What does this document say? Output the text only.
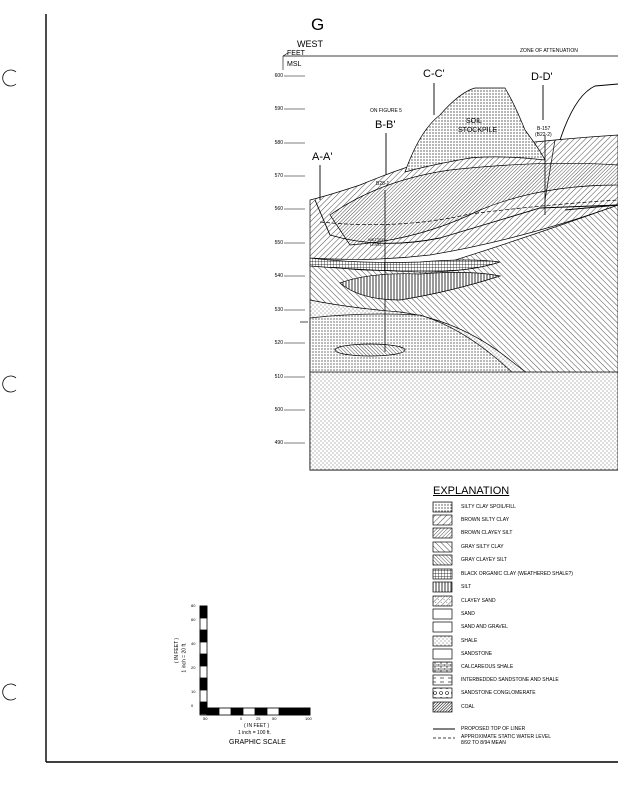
G
WEST
FEET
MSL
ZONE OF ATTENUATION
C-C'	D-D'
B-B'
A-A'
ON FIGURE 5
SOIL
STOCKPILE
B28-1
B-157
(B22-2)
WETTED
LEVEL
600
590
580
570
560
550
540
530
520
510
500
490
EXPLANATION
SILTY CLAY SPOIL/FILL
BROWN SILTY CLAY
BROWN CLAYEY SILT
GRAY SILTY CLAY
GRAY CLAYEY SILT
BLACK ORGANIC CLAY (WEATHERED SHALE?)
SILT
CLAYEY SAND
SAND
SAND AND GRAVEL
SHALE
SANDSTONE
CALCAREOUS SHALE
INTERBEDDED SANDSTONE AND SHALE
SANDSTONE CONGLOMERATE
COAL
PROPOSED TOP OF LINER
APPROXIMATE STATIC WATER LEVEL
8/92 TO 8/94 MEAN
50	0	25	50	100
0
10
20
40
60
80
( IN FEET ) 1 inch = 20 ft.
( IN FEET )
1 inch = 100 ft.
GRAPHIC SCALE
